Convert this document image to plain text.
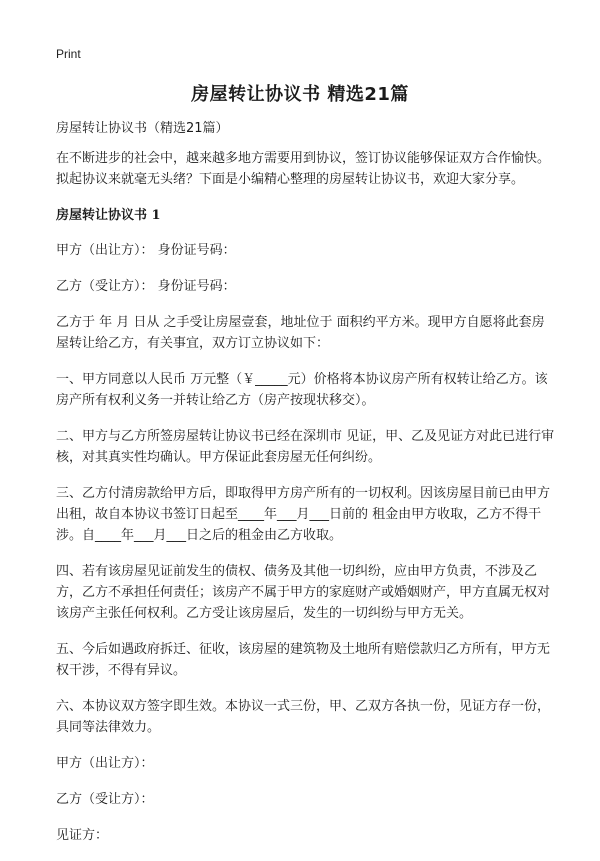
Print
房屋转让协议书 精选21篇

房屋转让协议书（精选21篇）

在不断进步的社会中，越来越多地方需要用到协议，签订协议能够保证双方合作愉快。拟起协议来就毫无头绪？下面是小编精心整理的房屋转让协议书，欢迎大家分享。

房屋转让协议书 1

甲方（出让方）： 身份证号码：

乙方（受让方）： 身份证号码：

乙方于 年 月 日从 之手受让房屋壹套，地址位于 面积约平方米。现甲方自愿将此套房屋转让给乙方，有关事宜，双方订立协议如下：

一、甲方同意以人民币 万元整（￥_____元）价格将本协议房产所有权转让给乙方。该房产所有权利义务一并转让给乙方（房产按现状移交）。

二、甲方与乙方所签房屋转让协议书已经在深圳市 见证，甲、乙及见证方对此已进行审核，对其真实性均确认。甲方保证此套房屋无任何纠纷。

三、乙方付清房款给甲方后，即取得甲方房产所有的一切权利。因该房屋目前已由甲方出租，故自本协议书签订日起至____年___月___日前的 租金由甲方收取，乙方不得干涉。自____年___月___日之后的租金由乙方收取。

四、若有该房屋见证前发生的债权、债务及其他一切纠纷，应由甲方负责，不涉及乙方，乙方不承担任何责任；该房产不属于甲方的家庭财产或婚姻财产，甲方直属无权对该房产主张任何权利。乙方受让该房屋后，发生的一切纠纷与甲方无关。

五、今后如遇政府拆迁、征收，该房屋的建筑物及土地所有赔偿款归乙方所有，甲方无权干涉，不得有异议。

六、本协议双方签字即生效。本协议一式三份，甲、乙双方各执一份，见证方存一份，具同等法律效力。

甲方（出让方）：

乙方（受让方）：

见证方：
